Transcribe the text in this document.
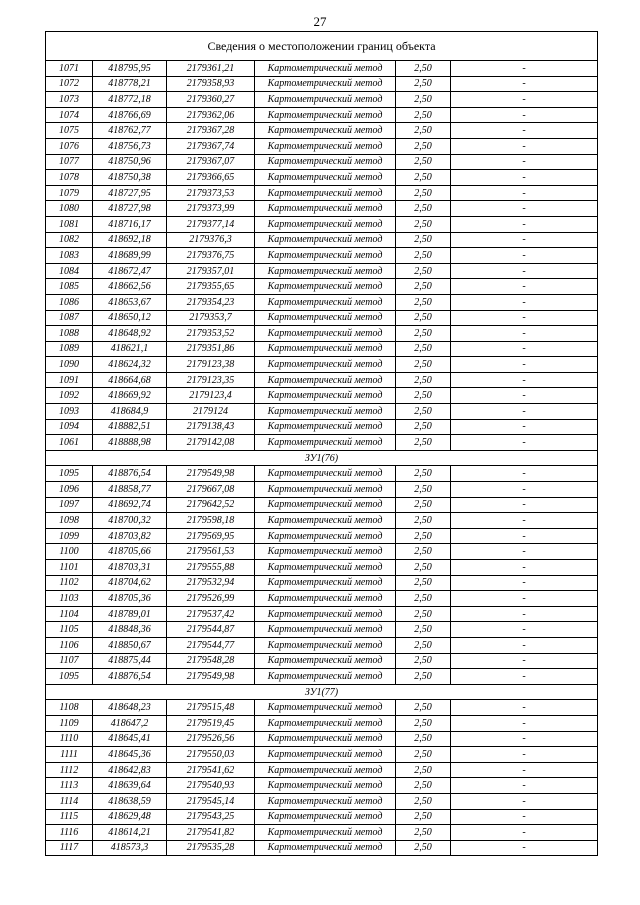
27
Сведения о местоположении границ объекта					
1071	418795,95	2179361,21	Картометрический метод	2,50	-
1072	418778,21	2179358,93	Картометрический метод	2,50	-
1073	418772,18	2179360,27	Картометрический метод	2,50	-
1074	418766,69	2179362,06	Картометрический метод	2,50	-
1075	418762,77	2179367,28	Картометрический метод	2,50	-
1076	418756,73	2179367,74	Картометрический метод	2,50	-
1077	418750,96	2179367,07	Картометрический метод	2,50	-
1078	418750,38	2179366,65	Картометрический метод	2,50	-
1079	418727,95	2179373,53	Картометрический метод	2,50	-
1080	418727,98	2179373,99	Картометрический метод	2,50	-
1081	418716,17	2179377,14	Картометрический метод	2,50	-
1082	418692,18	2179376,3	Картометрический метод	2,50	-
1083	418689,99	2179376,75	Картометрический метод	2,50	-
1084	418672,47	2179357,01	Картометрический метод	2,50	-
1085	418662,56	2179355,65	Картометрический метод	2,50	-
1086	418653,67	2179354,23	Картометрический метод	2,50	-
1087	418650,12	2179353,7	Картометрический метод	2,50	-
1088	418648,92	2179353,52	Картометрический метод	2,50	-
1089	418621,1	2179351,86	Картометрический метод	2,50	-
1090	418624,32	2179123,38	Картометрический метод	2,50	-
1091	418664,68	2179123,35	Картометрический метод	2,50	-
1092	418669,92	2179123,4	Картометрический метод	2,50	-
1093	418684,9	2179124	Картометрический метод	2,50	-
1094	418882,51	2179138,43	Картометрический метод	2,50	-
1061	418888,98	2179142,08	Картометрический метод	2,50	-
ЗУ1(76)					
1095	418876,54	2179549,98	Картометрический метод	2,50	-
1096	418858,77	2179667,08	Картометрический метод	2,50	-
1097	418692,74	2179642,52	Картометрический метод	2,50	-
1098	418700,32	2179598,18	Картометрический метод	2,50	-
1099	418703,82	2179569,95	Картометрический метод	2,50	-
1100	418705,66	2179561,53	Картометрический метод	2,50	-
1101	418703,31	2179555,88	Картометрический метод	2,50	-
1102	418704,62	2179532,94	Картометрический метод	2,50	-
1103	418705,36	2179526,99	Картометрический метод	2,50	-
1104	418789,01	2179537,42	Картометрический метод	2,50	-
1105	418848,36	2179544,87	Картометрический метод	2,50	-
1106	418850,67	2179544,77	Картометрический метод	2,50	-
1107	418875,44	2179548,28	Картометрический метод	2,50	-
1095	418876,54	2179549,98	Картометрический метод	2,50	-
ЗУ1(77)					
1108	418648,23	2179515,48	Картометрический метод	2,50	-
1109	418647,2	2179519,45	Картометрический метод	2,50	-
1110	418645,41	2179526,56	Картометрический метод	2,50	-
1111	418645,36	2179550,03	Картометрический метод	2,50	-
1112	418642,83	2179541,62	Картометрический метод	2,50	-
1113	418639,64	2179540,93	Картометрический метод	2,50	-
1114	418638,59	2179545,14	Картометрический метод	2,50	-
1115	418629,48	2179543,25	Картометрический метод	2,50	-
1116	418614,21	2179541,82	Картометрический метод	2,50	-
1117	418573,3	2179535,28	Картометрический метод	2,50	-
